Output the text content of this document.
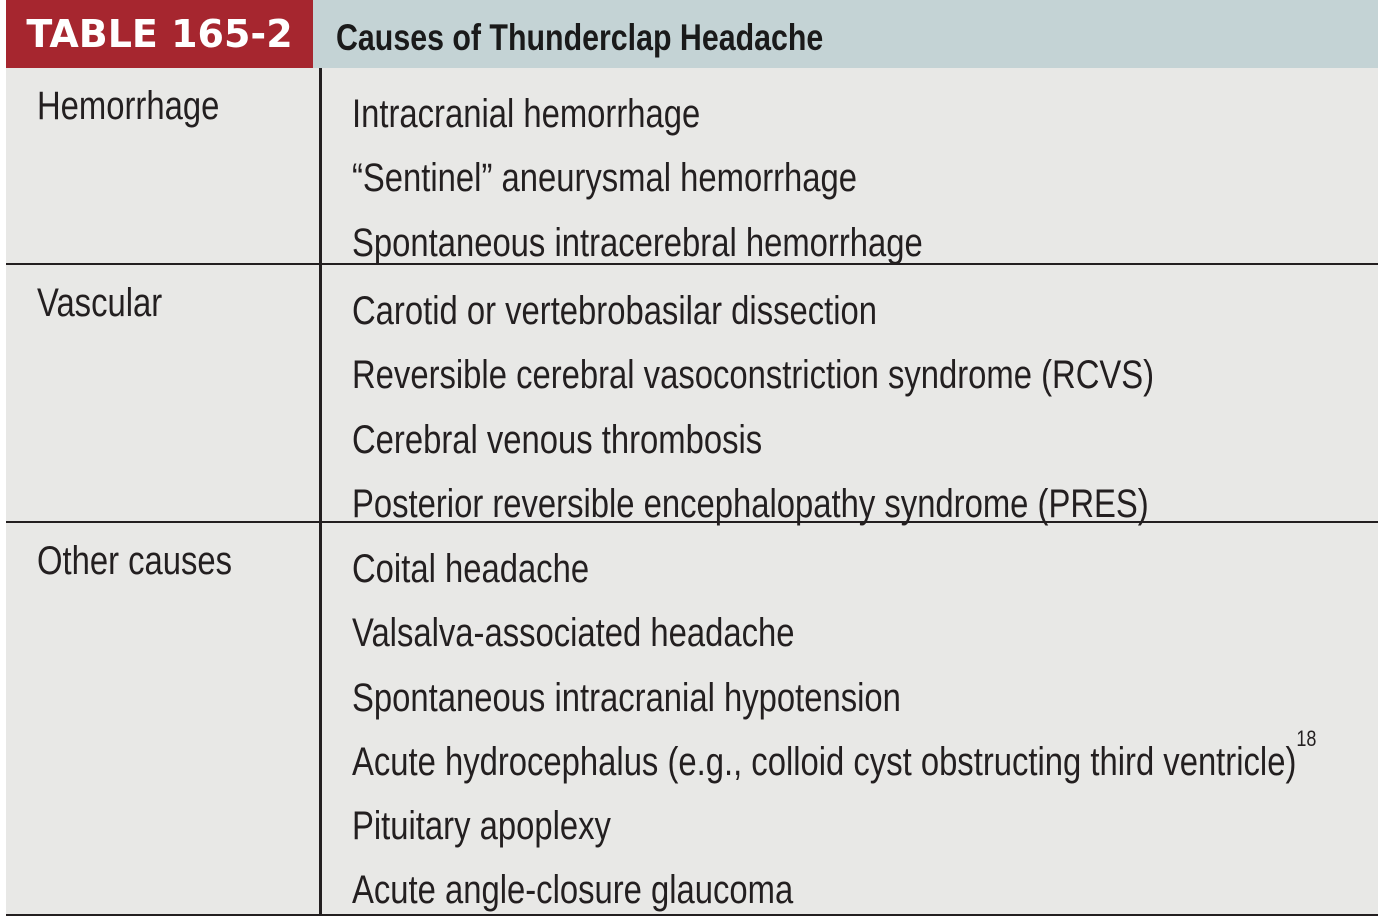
TABLE 165-2	Causes of Thunderclap Headache
Hemorrhage	Intracranial hemorrhage
“Sentinel” aneurysmal hemorrhage
Spontaneous intracerebral hemorrhage
Vascular	Carotid or vertebrobasilar dissection
Reversible cerebral vasoconstriction syndrome (RCVS)
Cerebral venous thrombosis
Posterior reversible encephalopathy syndrome (PRES)
Other causes	Coital headache
Valsalva-associated headache
Spontaneous intracranial hypotension
Acute hydrocephalus (e.g., colloid cyst obstructing third ventricle)$^{18}$
Pituitary apoplexy
Acute angle-closure glaucoma
